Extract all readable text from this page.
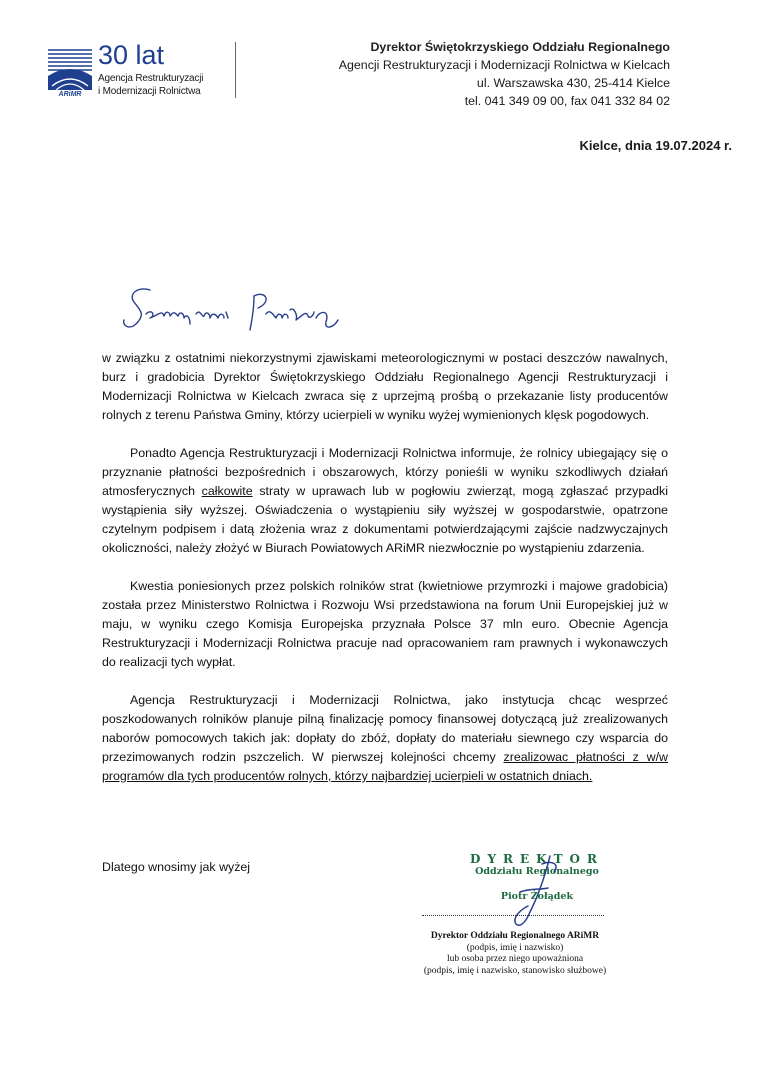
ARiMR
30 lat
Agencja Restrukturyzacji
i Modernizacji Rolnictwa
Dyrektor Świętokrzyskiego Oddziału Regionalnego
Agencji Restrukturyzacji i Modernizacji Rolnictwa w Kielcach
ul. Warszawska 430, 25-414 Kielce
tel. 041 349 09 00, fax 041 332 84 02
Kielce, dnia 19.07.2024 r.

w związku z ostatnimi niekorzystnymi zjawiskami meteorologicznymi w postaci deszczów nawalnych, burz i gradobicia Dyrektor Świętokrzyskiego Oddziału Regionalnego Agencji Restrukturyzacji i Modernizacji Rolnictwa w Kielcach zwraca się z uprzejmą prośbą o przekazanie listy producentów rolnych z terenu Państwa Gminy, którzy ucierpieli w wyniku wyżej wymienionych klęsk pogodowych.

Ponadto Agencja Restrukturyzacji i Modernizacji Rolnictwa informuje, że rolnicy ubiegający się o przyznanie płatności bezpośrednich i obszarowych, którzy ponieśli w wyniku szkodliwych działań atmosferycznych całkowite straty w uprawach lub w pogłowiu zwierząt, mogą zgłaszać przypadki wystąpienia siły wyższej. Oświadczenia o wystąpieniu siły wyższej w gospodarstwie, opatrzone czytelnym podpisem i datą złożenia wraz z dokumentami potwierdzającymi zajście nadzwyczajnych okoliczności, należy złożyć w Biurach Powiatowych ARiMR niezwłocznie po wystąpieniu zdarzenia.

Kwestia poniesionych przez polskich rolników strat (kwietniowe przymrozki i majowe gradobicia) została przez Ministerstwo Rolnictwa i Rozwoju Wsi przedstawiona na forum Unii Europejskiej już w maju, w wyniku czego Komisja Europejska przyznała Polsce 37 mln euro. Obecnie Agencja Restrukturyzacji i Modernizacji Rolnictwa pracuje nad opracowaniem ram prawnych i wykonawczych do realizacji tych wypłat.

Agencja Restrukturyzacji i Modernizacji Rolnictwa, jako instytucja chcąc wesprzeć poszkodowanych rolników planuje pilną finalizację pomocy finansowej dotyczącą już zrealizowanych naborów pomocowych takich jak: dopłaty do zbóż, dopłaty do materiału siewnego czy wsparcia do przezimowanych rodzin pszczelich. W pierwszej kolejności chcemy zrealizowac płatności z w/w programów dla tych producentów rolnych, którzy najbardziej ucierpieli w ostatnich dniach.

Dlatego wnosimy jak wyżej
DYREKTOR
Oddziału Regionalnego
Piotr Żołądek
Dyrektor Oddziału Regionalnego ARiMR
(podpis, imię i nazwisko)
lub osoba przez niego upoważniona
(podpis, imię i nazwisko, stanowisko służbowe)
